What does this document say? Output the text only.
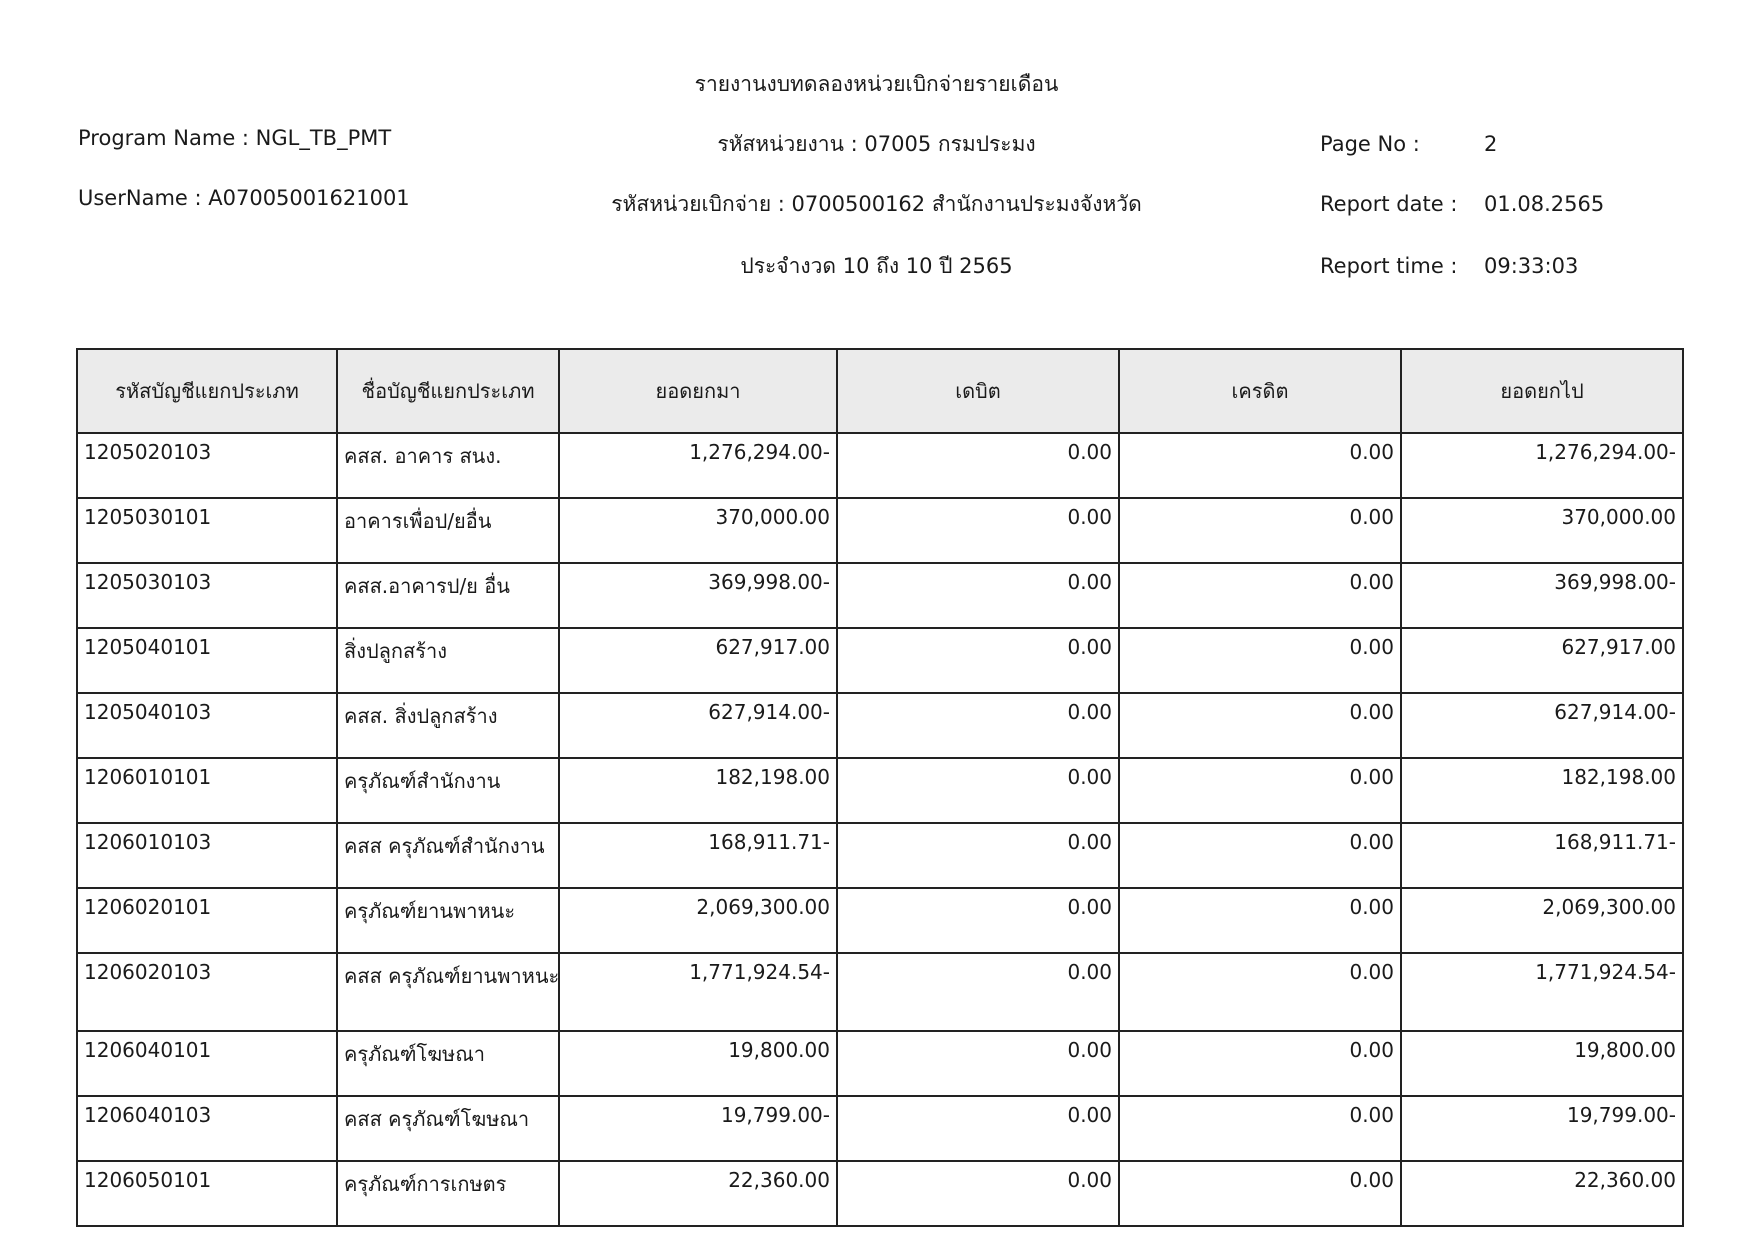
รายงานงบทดลองหน่วยเบิกจ่ายรายเดือน
รหัสหน่วยงาน : 07005 กรมประมง
รหัสหน่วยเบิกจ่าย : 0700500162 สำนักงานประมงจังหวัด
ประจำงวด 10 ถึง 10 ปี 2565
Program Name : NGL_TB_PMT
UserName : A07005001621001
Page No :	2
Report date : 01.08.2565
Report time : 09:33:03
รหัสบัญชีแยกประเภท	ชื่อบัญชีแยกประเภท	ยอดยกมา	เดบิต	เครดิต	ยอดยกไป
1205020103	คสส. อาคาร สนง.	1,276,294.00-	0.00	0.00	1,276,294.00-
1205030101	อาคารเพื่อป/ยอื่น	370,000.00	0.00	0.00	370,000.00
1205030103	คสส.อาคารป/ย อื่น	369,998.00-	0.00	0.00	369,998.00-
1205040101	สิ่งปลูกสร้าง	627,917.00	0.00	0.00	627,917.00
1205040103	คสส. สิ่งปลูกสร้าง	627,914.00-	0.00	0.00	627,914.00-
1206010101	ครุภัณฑ์สำนักงาน	182,198.00	0.00	0.00	182,198.00
1206010103	คสส ครุภัณฑ์สำนักงาน	168,911.71-	0.00	0.00	168,911.71-
1206020101	ครุภัณฑ์ยานพาหนะ	2,069,300.00	0.00	0.00	2,069,300.00
1206020103	คสส ครุภัณฑ์ยานพาหนะ	1,771,924.54-	0.00	0.00	1,771,924.54-
1206040101	ครุภัณฑ์โฆษณา	19,800.00	0.00	0.00	19,800.00
1206040103	คสส ครุภัณฑ์โฆษณา	19,799.00-	0.00	0.00	19,799.00-
1206050101	ครุภัณฑ์การเกษตร	22,360.00	0.00	0.00	22,360.00
